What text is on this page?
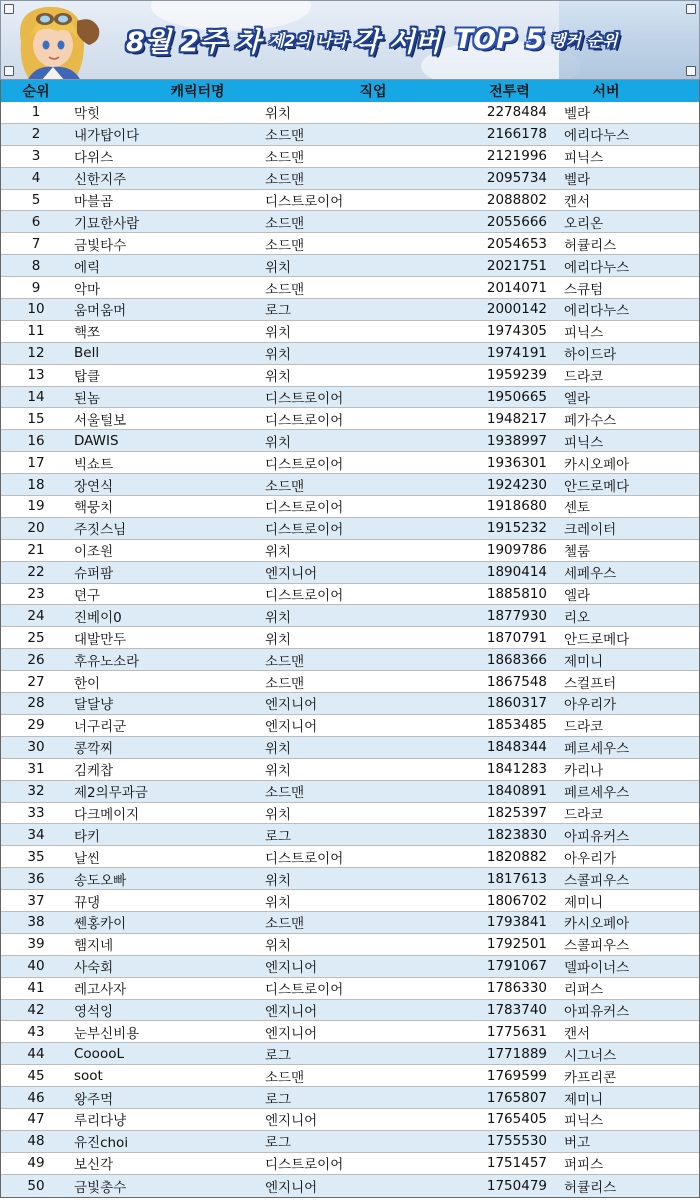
8월 2주 차 제2의 나라 각 서버 TOP 5 랭커 순위
순위	캐릭터명	직업	전투력	서버
1	막힛	위치	2278484	벨라
2	내가탑이다	소드맨	2166178	에리다누스
3	다위스	소드맨	2121996	피닉스
4	신한지주	소드맨	2095734	벨라
5	마블곰	디스트로이어	2088802	캔서
6	기묘한사람	소드맨	2055666	오리온
7	금빛타수	소드맨	2054653	허큘리스
8	에릭	위치	2021751	에리다누스
9	악마	소드맨	2014071	스큐텀
10	움머움머	로그	2000142	에리다누스
11	핵쪼	위치	1974305	피닉스
12	Bell	위치	1974191	하이드라
13	탑클	위치	1959239	드라코
14	된놈	디스트로이어	1950665	엘라
15	서울털보	디스트로이어	1948217	페가수스
16	DAWIS	위치	1938997	피닉스
17	빅쇼트	디스트로이어	1936301	카시오페아
18	장연식	소드맨	1924230	안드로메다
19	핵뭉치	디스트로이어	1918680	센토
20	주짓스님	디스트로이어	1915232	크레이터
21	이조원	위치	1909786	첼룸
22	슈퍼팜	엔지니어	1890414	세페우스
23	뎐구	디스트로이어	1885810	엘라
24	진베이0	위치	1877930	리오
25	대발만두	위치	1870791	안드로메다
26	후유노소라	소드맨	1868366	제미니
27	한이	소드맨	1867548	스컬프터
28	달달냥	엔지니어	1860317	아우리가
29	너구리군	엔지니어	1853485	드라코
30	콩깍찌	위치	1848344	페르세우스
31	김케찹	위치	1841283	카리나
32	제2의무과금	소드맨	1840891	페르세우스
33	다크메이지	위치	1825397	드라코
34	타키	로그	1823830	아피유커스
35	날씬	디스트로이어	1820882	아우리가
36	송도오빠	위치	1817613	스콜피우스
37	뀨댕	위치	1806702	제미니
38	쎈홍카이	소드맨	1793841	카시오페아
39	햄지네	위치	1792501	스콜피우스
40	사숙회	엔지니어	1791067	델파이너스
41	레고사자	디스트로이어	1786330	리퍼스
42	영석잉	엔지니어	1783740	아피유커스
43	눈부신비용	엔지니어	1775631	캔서
44	CooooL	로그	1771889	시그너스
45	soot	소드맨	1769599	카프리콘
46	왕주먹	로그	1765807	제미니
47	루리다냥	엔지니어	1765405	피닉스
48	유진choi	로그	1755530	버고
49	보신각	디스트로이어	1751457	퍼피스
50	금빛총수	엔지니어	1750479	허큘리스
